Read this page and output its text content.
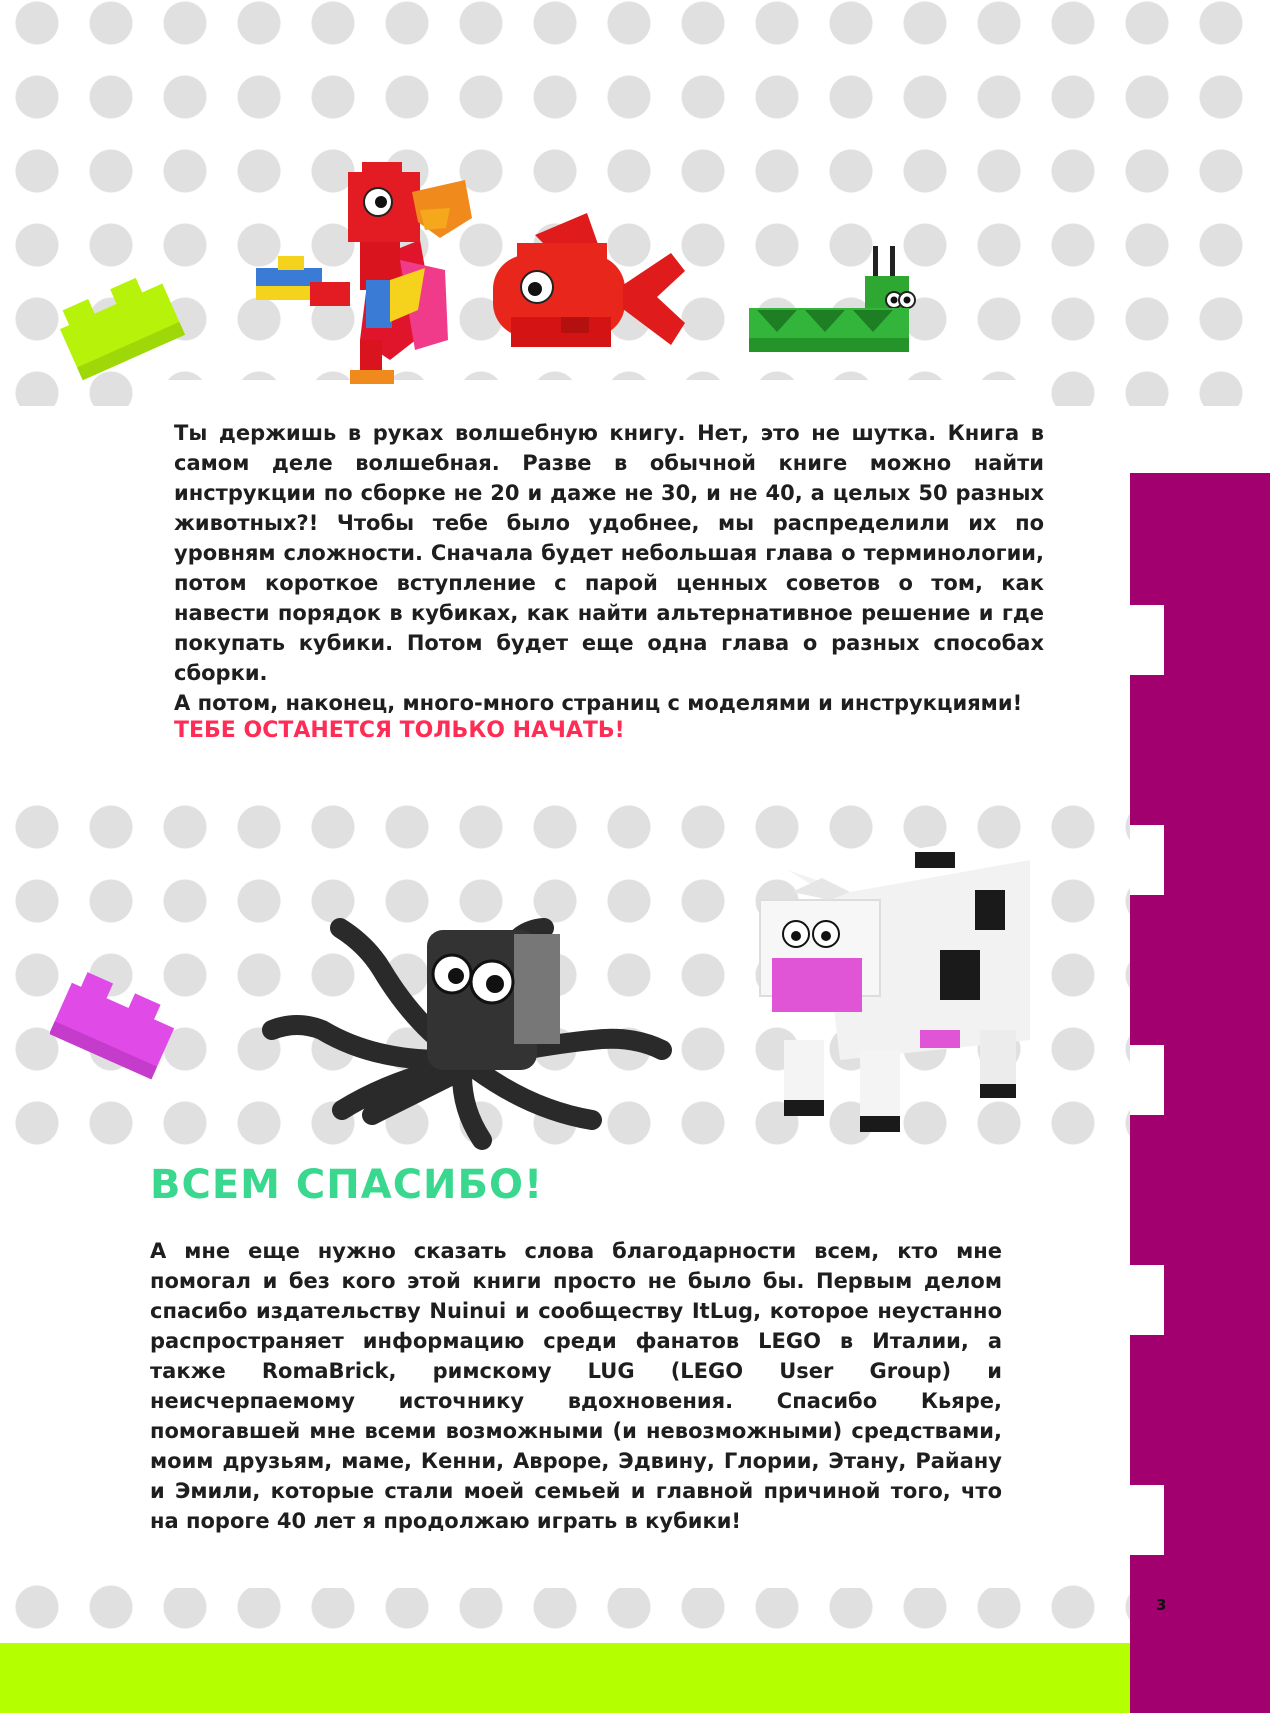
Ты держишь в руках волшебную книгу. Нет, это не шутка. Книга в самом деле волшебная. Разве в обычной книге можно найти инструкции по сборке не 20 и даже не 30, и не 40, а целых 50 разных животных?! Чтобы тебе было удобнее, мы распределили их по уровням сложности. Сначала будет небольшая глава о терминологии, потом короткое вступление с парой ценных советов о том, как навести порядок в кубиках, как найти альтернативное решение и где покупать кубики. Потом будет еще одна глава о разных способах сборки.

А потом, наконец, много-много страниц с моделями и инструкциями!

ТЕБЕ ОСТАНЕТСЯ ТОЛЬКО НАЧАТЬ!

ВСЕМ СПАСИБО!

А мне еще нужно сказать слова благодарности всем, кто мне помогал и без кого этой книги просто не было бы. Первым делом спасибо издательству Nuinui и сообществу ItLug, которое неустанно распространяет информацию среди фанатов LEGO в Италии, а также RomaBrick, римскому LUG (LEGO User Group) и неисчерпаемому источнику вдохновения. Спасибо Кьяре, помогавшей мне всеми возможными (и невозможными) средствами, моим друзьям, маме, Кенни, Авроре, Эдвину, Глории, Этану, Райану и Эмили, которые стали моей семьей и главной причиной того, что на пороге 40 лет я продолжаю играть в кубики!

3
